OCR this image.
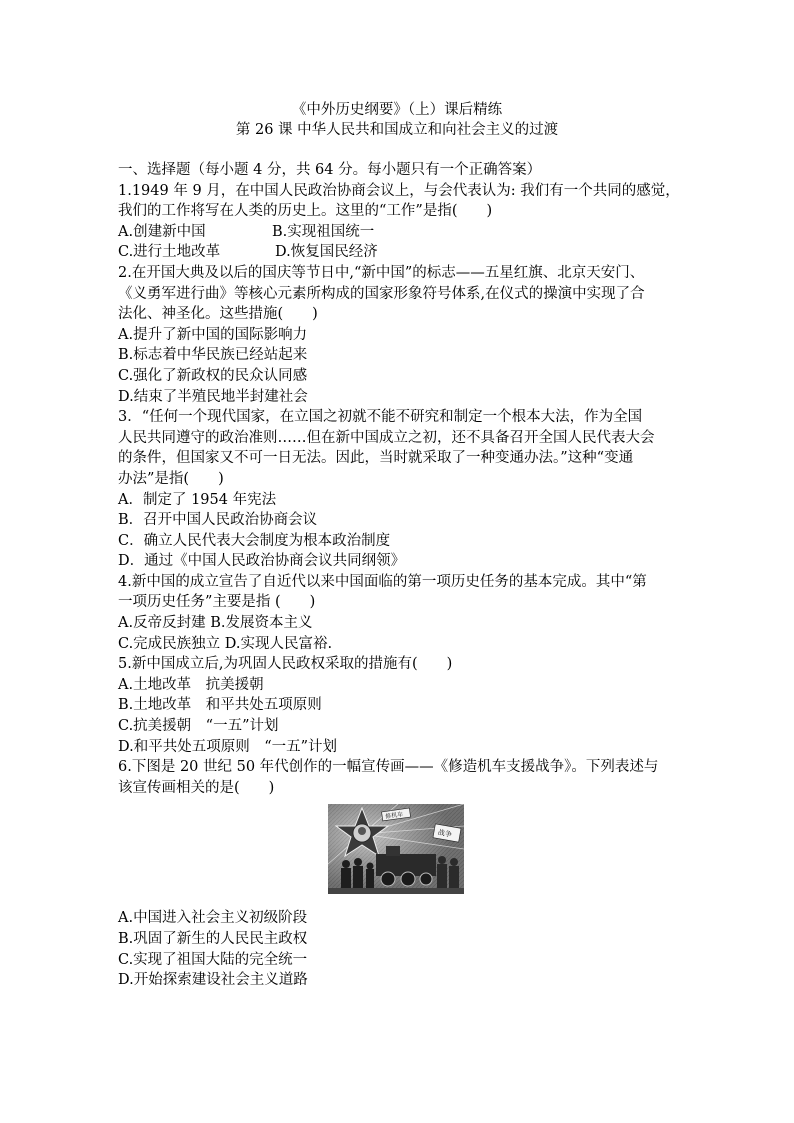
《中外历史纲要》（上）课后精练
第 26 课 中华人民共和国成立和向社会主义的过渡
一、选择题（每小题 4 分，共 64 分。每小题只有一个正确答案）
1.1949 年 9 月，在中国人民政治协商会议上，与会代表认为: 我们有一个共同的感觉，
我们的工作将写在人类的历史上。这里的“工作”是指(　　)
A.创建新中国	B.实现祖国统一
C.进行土地改革	D.恢复国民经济
2.在开国大典及以后的国庆等节日中,“新中国”的标志——五星红旗、北京天安门、
《义勇军进行曲》等核心元素所构成的国家形象符号体系,在仪式的操演中实现了合
法化、神圣化。这些措施(　　)
A.提升了新中国的国际影响力
B.标志着中华民族已经站起来
C.强化了新政权的民众认同感
D.结束了半殖民地半封建社会
3．“任何一个现代国家，在立国之初就不能不研究和制定一个根本大法，作为全国
人民共同遵守的政治准则……但在新中国成立之初，还不具备召开全国人民代表大会
的条件，但国家又不可一日无法。因此，当时就采取了一种变通办法。”这种“变通
办法”是指(　　)
A．制定了 1954 年宪法
B．召开中国人民政治协商会议
C．确立人民代表大会制度为根本政治制度
D．通过《中国人民政治协商会议共同纲领》
4.新中国的成立宣告了自近代以来中国面临的第一项历史任务的基本完成。其中“第
一项历史任务”主要是指 (　　)
A.反帝反封建 B.发展资本主义
C.完成民族独立 D.实现人民富裕.
5.新中国成立后,为巩固人民政权采取的措施有(　　)
A.土地改革　抗美援朝
B.土地改革　和平共处五项原则
C.抗美援朝　“一五”计划
D.和平共处五项原则　“一五”计划
6.下图是 20 世纪 50 年代创作的一幅宣传画——《修造机车支援战争》。下列表述与
该宣传画相关的是(　　)
修机车
战争
A.中国进入社会主义初级阶段
B.巩固了新生的人民民主政权
C.实现了祖国大陆的完全统一
D.开始探索建设社会主义道路
